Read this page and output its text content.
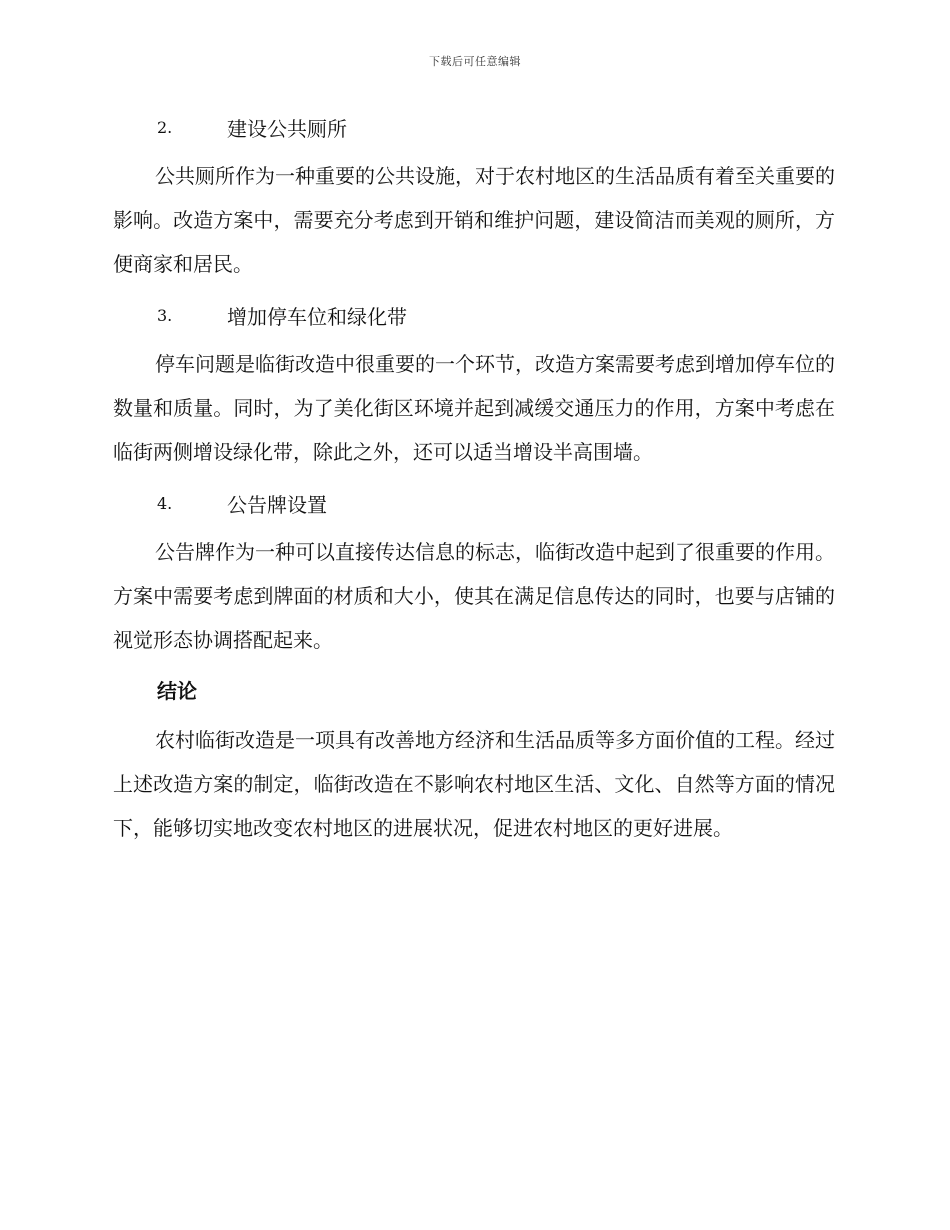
下载后可任意编辑
2.	建设公共厕所

公共厕所作为一种重要的公共设施，对于农村地区的生活品质有着至关重要的影响。改造方案中，需要充分考虑到开销和维护问题，建设简洁而美观的厕所，方便商家和居民。

3.	增加停车位和绿化带

停车问题是临街改造中很重要的一个环节，改造方案需要考虑到增加停车位的数量和质量。同时，为了美化街区环境并起到减缓交通压力的作用，方案中考虑在临街两侧增设绿化带，除此之外，还可以适当增设半高围墙。

4.	公告牌设置

公告牌作为一种可以直接传达信息的标志，临街改造中起到了很重要的作用。方案中需要考虑到牌面的材质和大小，使其在满足信息传达的同时，也要与店铺的视觉形态协调搭配起来。

结论

农村临街改造是一项具有改善地方经济和生活品质等多方面价值的工程。经过上述改造方案的制定，临街改造在不影响农村地区生活、文化、自然等方面的情况下，能够切实地改变农村地区的进展状况，促进农村地区的更好进展。
